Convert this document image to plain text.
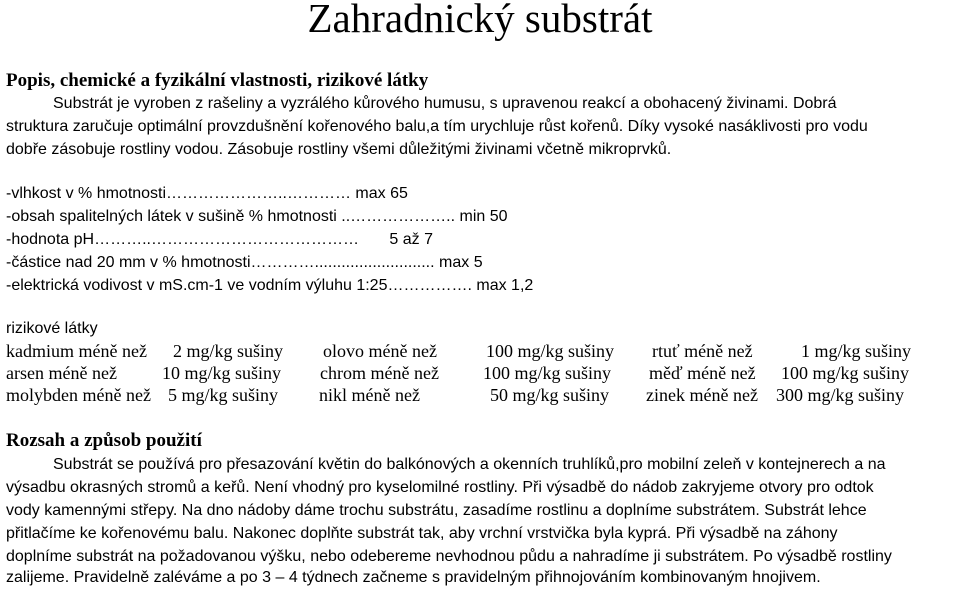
Zahradnický substrát
Popis, chemické a fyzikální vlastnosti, rizikové látky
Substrát je vyroben z rašeliny a vyzrálého kůrového humusu, s upravenou reakcí a obohacený živinami. Dobrá
struktura zaručuje optimální provzdušnění kořenového balu,a tím urychluje růst kořenů. Díky vysoké nasáklivosti pro vodu
dobře zásobuje rostliny vodou. Zásobuje rostliny všemi důležitými živinami včetně mikroprvků.
-vlhkost v % hmotnosti…………………..………… max 65
-obsah spalitelných látek v sušině % hmotnosti ..……………….. min 50
-hodnota pH………..………………………………… 5 až 7
-částice nad 20 mm v % hmotnosti…………........................... max 5
-elektrická vodivost v mS.cm-1 ve vodním výluhu 1:25……………. max 1,2
rizikové látky
kadmium méně než 2 mg/kg sušiny olovo méně než	100 mg/kg sušiny rtuť méně než	1 mg/kg sušiny
arsen méně než	10 mg/kg sušiny chrom méně než 100 mg/kg sušiny měď méně než 100 mg/kg sušiny
molybden méně než 5 mg/kg sušiny nikl méně než	50 mg/kg sušiny zinek méně než 300 mg/kg sušiny
Rozsah a způsob použití
Substrát se používá pro přesazování květin do balkónových a okenních truhlíků,pro mobilní zeleň v kontejnerech a na
výsadbu okrasných stromů a keřů. Není vhodný pro kyselomilné rostliny. Při výsadbě do nádob zakryjeme otvory pro odtok
vody kamennými střepy. Na dno nádoby dáme trochu substrátu, zasadíme rostlinu a doplníme substrátem. Substrát lehce
přitlačíme ke kořenovému balu. Nakonec doplňte substrát tak, aby vrchní vrstvička byla kyprá. Při výsadbě na záhony
doplníme substrát na požadovanou výšku, nebo odebereme nevhodnou půdu a nahradíme ji substrátem. Po výsadbě rostliny
zalijeme. Pravidelně zaléváme a po 3 – 4 týdnech začneme s pravidelným přihnojováním kombinovaným hnojivem.
